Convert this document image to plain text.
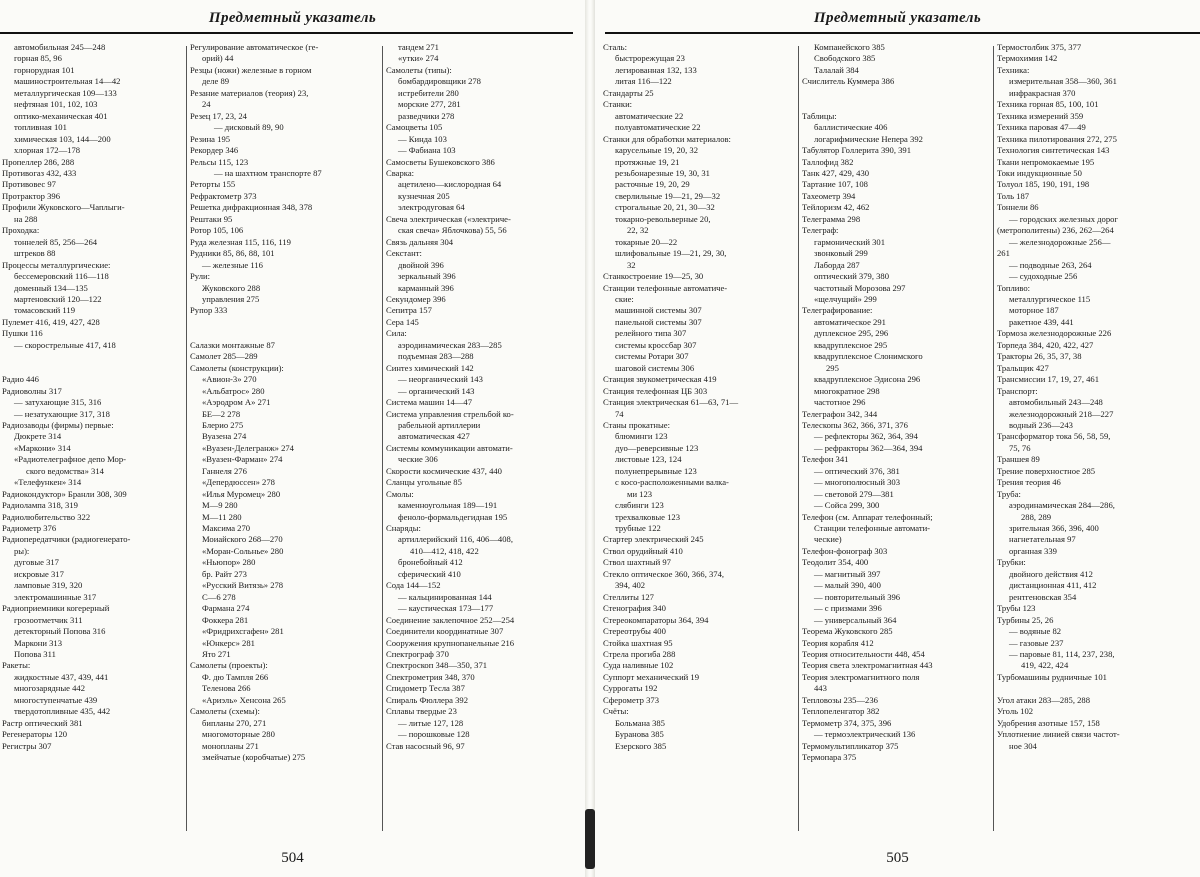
Предметный указатель
автомобильная 245—248
горная 85, 96
горнорудная 101
машиностроительная 14—42
металлургическая 109—133
нефтяная 101, 102, 103
оптико-механическая 401
топливная 101
химическая 103, 144—200
хлорная 172—178
Пропеллер 286, 288
Противогаз 432, 433
Противовес 97
Протрактор 396
Профили Жуковского—Чаплыги-
на 288
Проходка:
тоннелей 85, 256—264
штреков 88
Процессы металлургические:
бессемеровский 116—118
доменный 134—135
мартеновский 120—122
томасовский 119
Пулемет 416, 419, 427, 428
Пушки 116
— скорострельные 417, 418

Радио 446
Радиоволны 317
— затухающие 315, 316
— незатухающие 317, 318
Радиозаводы (фирмы) первые:
Дюкрете 314
«Маркони» 314
«Радиотелеграфное депо Мор-
ского ведомства» 314
«Телефункен» 314
Радиокондуктор» Бранли 308, 309
Радиолампа 318, 319
Радиолюбительство 322
Радиометр 376
Радиопередатчики (радиогенерато-
ры):
дуговые 317
искровые 317
ламповые 319, 320
электромашинные 317
Радиоприемники когерерный
грозоотметчик 311
детекторный Попова 316
Маркони 313
Попова 311
Ракеты:
жидкостные 437, 439, 441
многозарядные 442
многоступенчатые 439
твердотопливные 435, 442
Растр оптический 381
Регенераторы 120
Регистры 307
Регулирование автоматическое (ге-
орий) 44
Резцы (ножи) железные в горном
деле 89
Резание материалов (теория) 23,
24
Резец 17, 23, 24
— дисковый 89, 90
Резина 195
Рекордер 346
Рельсы 115, 123
— на шахтном транспорте 87
Реторты 155
Рефрактометр 373
Решетка дифракционная 348, 378
Рештаки 95
Ротор 105, 106
Руда железная 115, 116, 119
Рудники 85, 86, 88, 101
— железные 116
Рули:
Жуковского 288
управления 275
Рупор 333

Салазки монтажные 87
Самолет 285—289
Самолеты (конструкции):
«Авион-3» 270
«Альбатрос» 280
«Аэродром А» 271
БЕ—2 278
Блерио 275
Вуазена 274
«Вуазен-Делегранж» 274
«Вуазен-Фарман» 274
Ганнеля 276
«Депердюссен» 278
«Илья Муромец» 280
М—9 280
М—11 280
Максима 270
Моиайского 268—270
«Моран-Сольнье» 280
«Ньюпор» 280
бр. Райт 273
«Русский Витязь» 278
С—6 278
Фармана 274
Фоккера 281
«Фридрихсгафен» 281
«Юнкерс» 281
Ято 271
Самолеты (проекты):
Ф. дю Тампля 266
Теленова 266
«Ариэль» Хенсона 265
Самолеты (схемы):
бипланы 270, 271
многомоторные 280
монопланы 271
змейчатые (коробчатые) 275
тандем 271
«утки» 274
Самолеты (типы):
бомбардировщики 278
истребители 280
морские 277, 281
разведчики 278
Самоцветы 105
— Кинда 103
— Фабиана 103
Самосветы Бушековского 386
Сварка:
ацетилено—кислородная 64
кузнечная 205
электродуговая 64
Свеча электрическая («электриче-
ская свеча» Яблочкова) 55, 56
Связь дальняя 304
Секстант:
двойной 396
зеркальный 396
карманный 396
Секундомер 396
Сепитра 157
Сера 145
Сила:
аэродинамическая 283—285
подъемная 283—288
Синтез химический 142
— неорганический 143
— органический 143
Система машин 14—47
Система управления стрельбой ко-
рабельной артиллерии
автоматическая 427
Системы коммуникации автомати-
ческие 306
Скорости космические 437, 440
Сланцы угольные 85
Смолы:
каменноугольная 189—191
феноло-формальдегидная 195
Снаряды:
артиллерийский 116, 406—408,
410—412, 418, 422
бронебойный 412
сферический 410
Сода 144—152
— кальцинированная 144
— каустическая 173—177
Соединение заклепочное 252—254
Соединители координатные 307
Сооружения крупнопанельные 216
Спектрограф 370
Спектроскоп 348—350, 371
Спектрометрия 348, 370
Спидометр Тесла 387
Спираль Фюллера 392
Сплавы твердые 23
— литые 127, 128
— порошковые 128
Став насосный 96, 97
504
Предметный указатель
Сталь:
быстрорежущая 23
легированная 132, 133
литая 116—122
Стандарты 25
Станки:
автоматические 22
полуавтоматические 22
Станки для обработки материалов:
карусельные 19, 20, 32
протяжные 19, 21
резьбонарезные 19, 30, 31
расточные 19, 20, 29
сверлильные 19—21, 29—32
строгальные 20, 21, 30—32
токарно-револьверные 20,
22, 32
токарные 20—22
шлифовальные 19—21, 29, 30,
32
Станкостроение 19—25, 30
Станции телефонные автоматиче-
ские:
машинной системы 307
панельной системы 307
релейного типа 307
системы кроссбар 307
системы Ротари 307
шаговой системы 306
Станция звукометрическая 419
Станция телефонная ЦБ 303
Станция электрическая 61—63, 71—
74
Станы прокатные:
блюминги 123
дуо—реверсивные 123
листовые 123, 124
полунепрерывные 123
с косо-расположенными валка-
ми 123
слябинги 123
трехвалковые 123
трубные 122
Стартер электрический 245
Ствол орудийный 410
Ствол шахтный 97
Стекло оптическое 360, 366, 374,
394, 402
Стеллиты 127
Стенография 340
Стереокомпараторы 364, 394
Стереотрубы 400
Стойка шахтная 95
Стрела прогиба 288
Суда наливные 102
Суппорт механический 19
Суррогаты 192
Сферометр 373
Счёты:
Больмана 385
Буранова 385
Езерского 385
Компанейского 385
Свободского 385
Талалай 384
Счислитель Куммера 386

Таблицы:
баллистические 406
логарифмические Непера 392
Табулятор Голлерита 390, 391
Таллофид 382
Танк 427, 429, 430
Тартание 107, 108
Тахеометр 394
Тейлоризм 42, 462
Телеграмма 298
Телеграф:
гармонический 301
звонковый 299
Лаборда 287
оптический 379, 380
частотный Морозова 297
«щелчущий» 299
Телеграфирование:
автоматическое 291
дуплексное 295, 296
квадруплексное 295
квадруплексное Слонимского
295
квадруплексное Эдисона 296
многократное 298
частотное 296
Телеграфон 342, 344
Телескопы 362, 366, 371, 376
— рефлекторы 362, 364, 394
— рефракторы 362—364, 394
Телефон 341
— оптический 376, 381
— многополюсный 303
— световой 279—381
— Сойса 299, 300
Телефон (см. Аппарат телефонный;
Станции телефонные автомати-
ческие)
Телефон-фонограф 303
Теодолит 354, 400
— магнитный 397
— малый 390, 400
— повторительный 396
— с призмами 396
— универсальный 364
Теорема Жуковского 285
Теория корабля 412
Теория относительности 448, 454
Теория света электромагнитная 443
Теория электромагнитного поля
443
Тепловозы 235—236
Теплопеленгатор 382
Термометр 374, 375, 396
— термоэлектрический 136
Термомультипликатор 375
Термопара 375
Термостолбик 375, 377
Термохимия 142
Техника:
измерительная 358—360, 361
инфракрасная 370
Техника горная 85, 100, 101
Техника измерений 359
Техника паровая 47—49
Техника пилотирования 272, 275
Технология синтетическая 143
Ткани непромокаемые 195
Токи индукционные 50
Толуол 185, 190, 191, 198
Толь 187
Тоннели 86
— городских железных дорог
(метрополитены) 236, 262—264
— железнодорожные 256—
261
— подводные 263, 264
— судоходные 256
Топливо:
металлургическое 115
моторное 187
ракетное 439, 441
Тормоза железнодорожные 226
Торпеда 384, 420, 422, 427
Тракторы 26, 35, 37, 38
Тральщик 427
Трансмиссии 17, 19, 27, 461
Транспорт:
автомобильный 243—248
железнодорожный 218—227
водный 236—243
Трансформатор тока 56, 58, 59,
75, 76
Траншея 89
Трение поверхностное 285
Трения теория 46
Труба:
аэродинамическая 284—286,
288, 289
зрительная 366, 396, 400
нагнетательная 97
органная 339
Трубки:
двойного действия 412
дистанционная 411, 412
рентгеновская 354
Трубы 123
Турбины 25, 26
— водяные 82
— газовые 237
— паровые 81, 114, 237, 238,
419, 422, 424
Турбомашины рудничные 101

Угол атаки 283—285, 288
Уголь 102
Удобрения азотные 157, 158
Уплотнение линией связи частот-
ное 304
505
